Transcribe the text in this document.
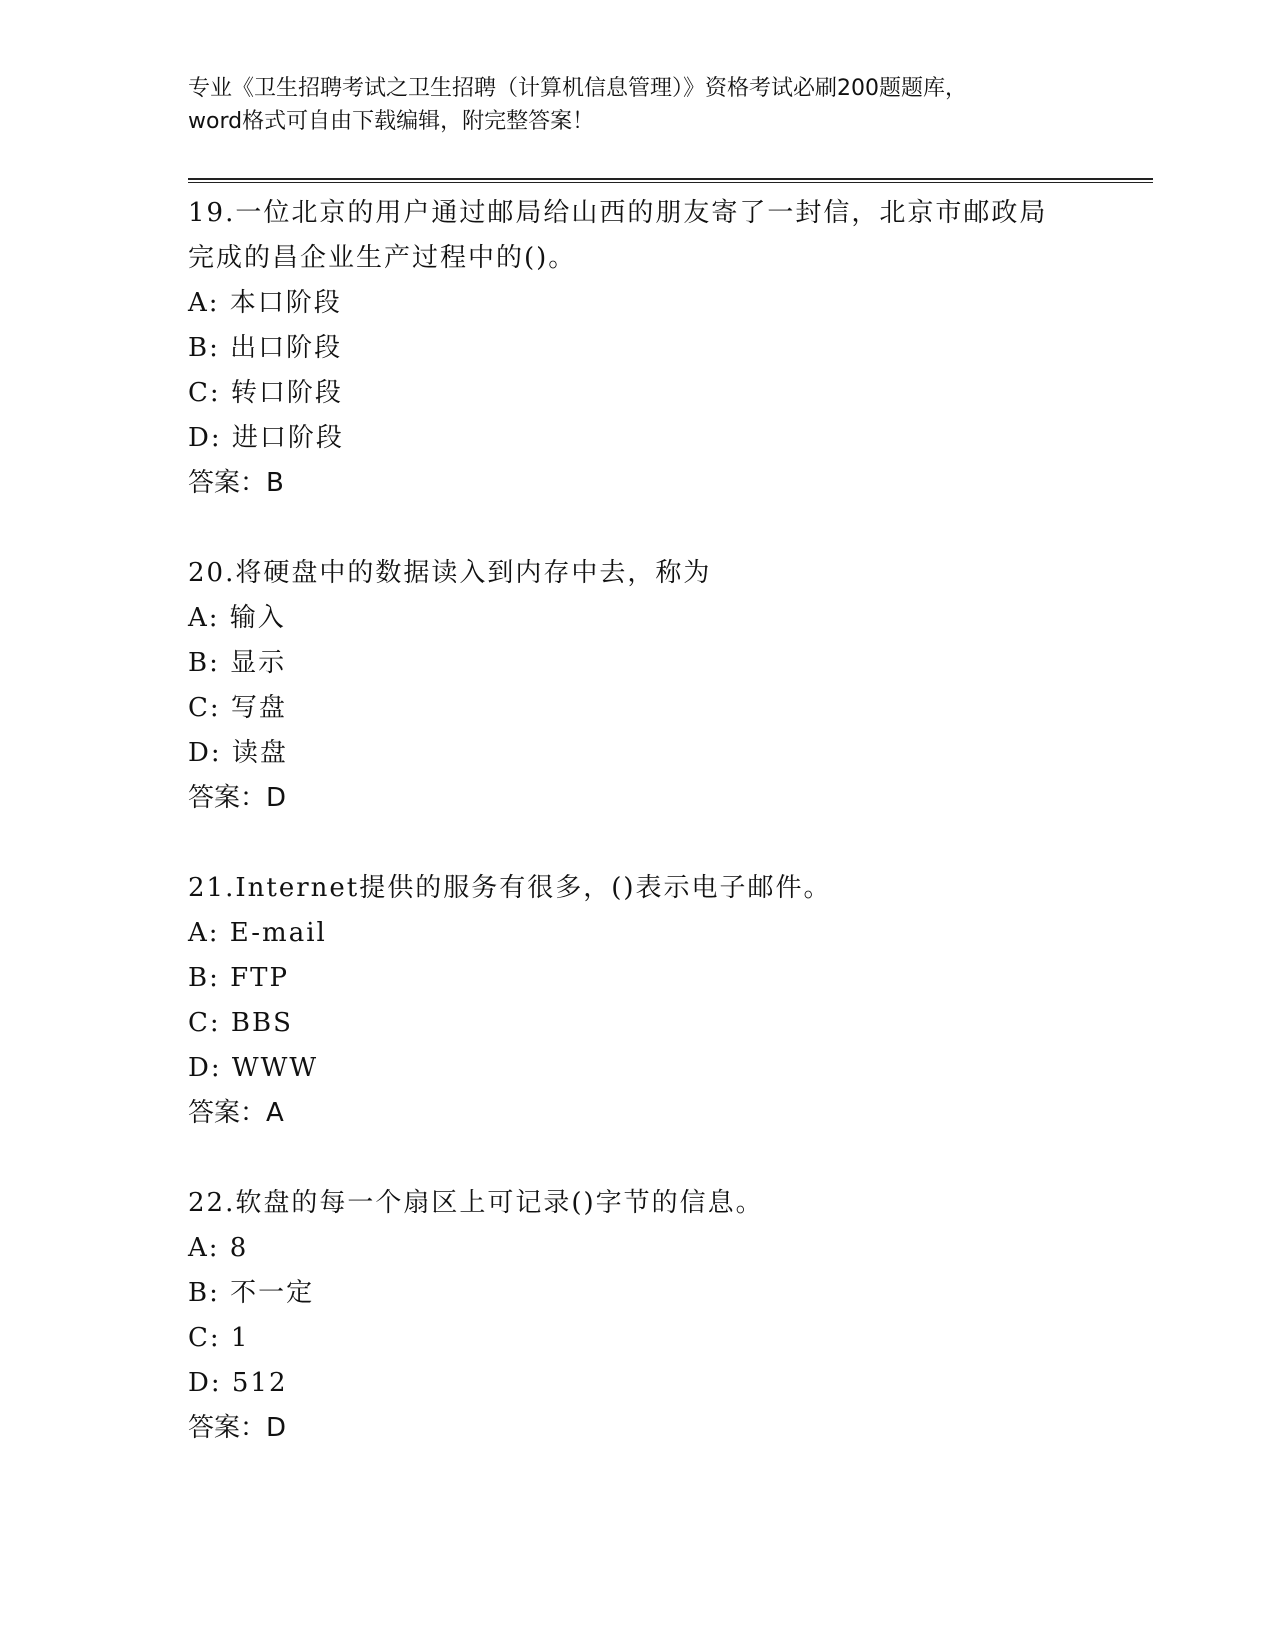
专业《卫生招聘考试之卫生招聘（计算机信息管理）》资格考试必刷200题题库，
word格式可自由下载编辑，附完整答案！
19.一位北京的用户通过邮局给山西的朋友寄了一封信，北京市邮政局
完成的昌企业生产过程中的()。
A: 本口阶段
B: 出口阶段
C: 转口阶段
D: 进口阶段
答案：B
20.将硬盘中的数据读入到内存中去，称为
A: 输入
B: 显示
C: 写盘
D: 读盘
答案：D
21.Internet提供的服务有很多，()表示电子邮件。
A: E-mail
B: FTP
C: BBS
D: WWW
答案：A
22.软盘的每一个扇区上可记录()字节的信息。
A: 8
B: 不一定
C: 1
D: 512
答案：D
